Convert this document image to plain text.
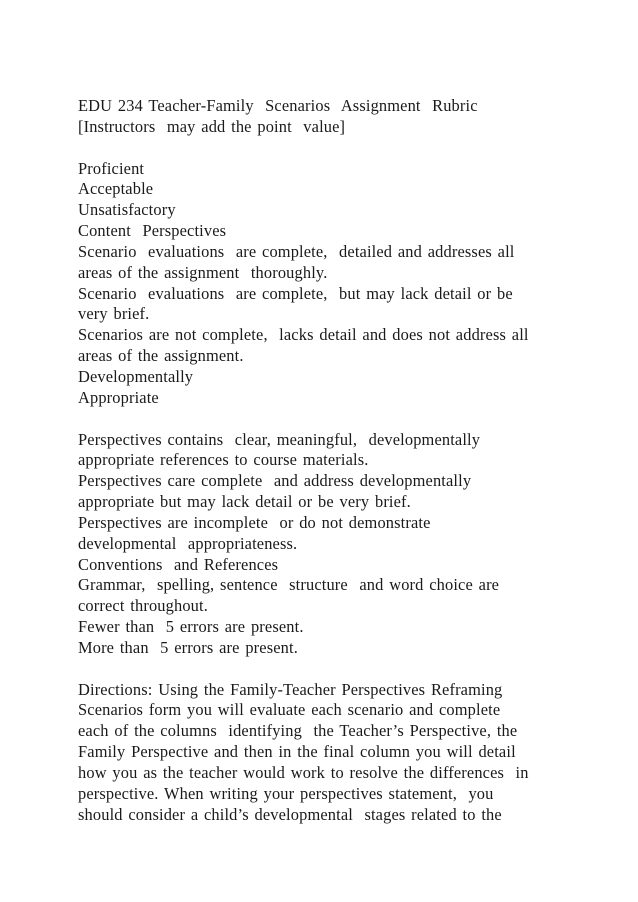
EDU 234 Teacher-Family  Scenarios  Assignment  Rubric
[Instructors  may add the point  value]
Proficient
Acceptable
Unsatisfactory
Content  Perspectives
Scenario  evaluations  are complete,  detailed and addresses all
areas of the assignment  thoroughly.
Scenario  evaluations  are complete,  but may lack detail or be
very brief.
Scenarios are not complete,  lacks detail and does not address all
areas of the assignment.
Developmentally
Appropriate
Perspectives contains  clear, meaningful,  developmentally
appropriate references to course materials.
Perspectives care complete  and address developmentally
appropriate but may lack detail or be very brief.
Perspectives are incomplete  or do not demonstrate
developmental  appropriateness.
Conventions  and References
Grammar,  spelling, sentence  structure  and word choice are
correct throughout.
Fewer than  5 errors are present.
More than  5 errors are present.
Directions: Using the Family-Teacher Perspectives Reframing
Scenarios form you will evaluate each scenario and complete
each of the columns  identifying  the Teacher’s Perspective, the
Family Perspective and then in the final column you will detail
how you as the teacher would work to resolve the differences  in
perspective. When writing your perspectives statement,  you
should consider a child’s developmental  stages related to the
